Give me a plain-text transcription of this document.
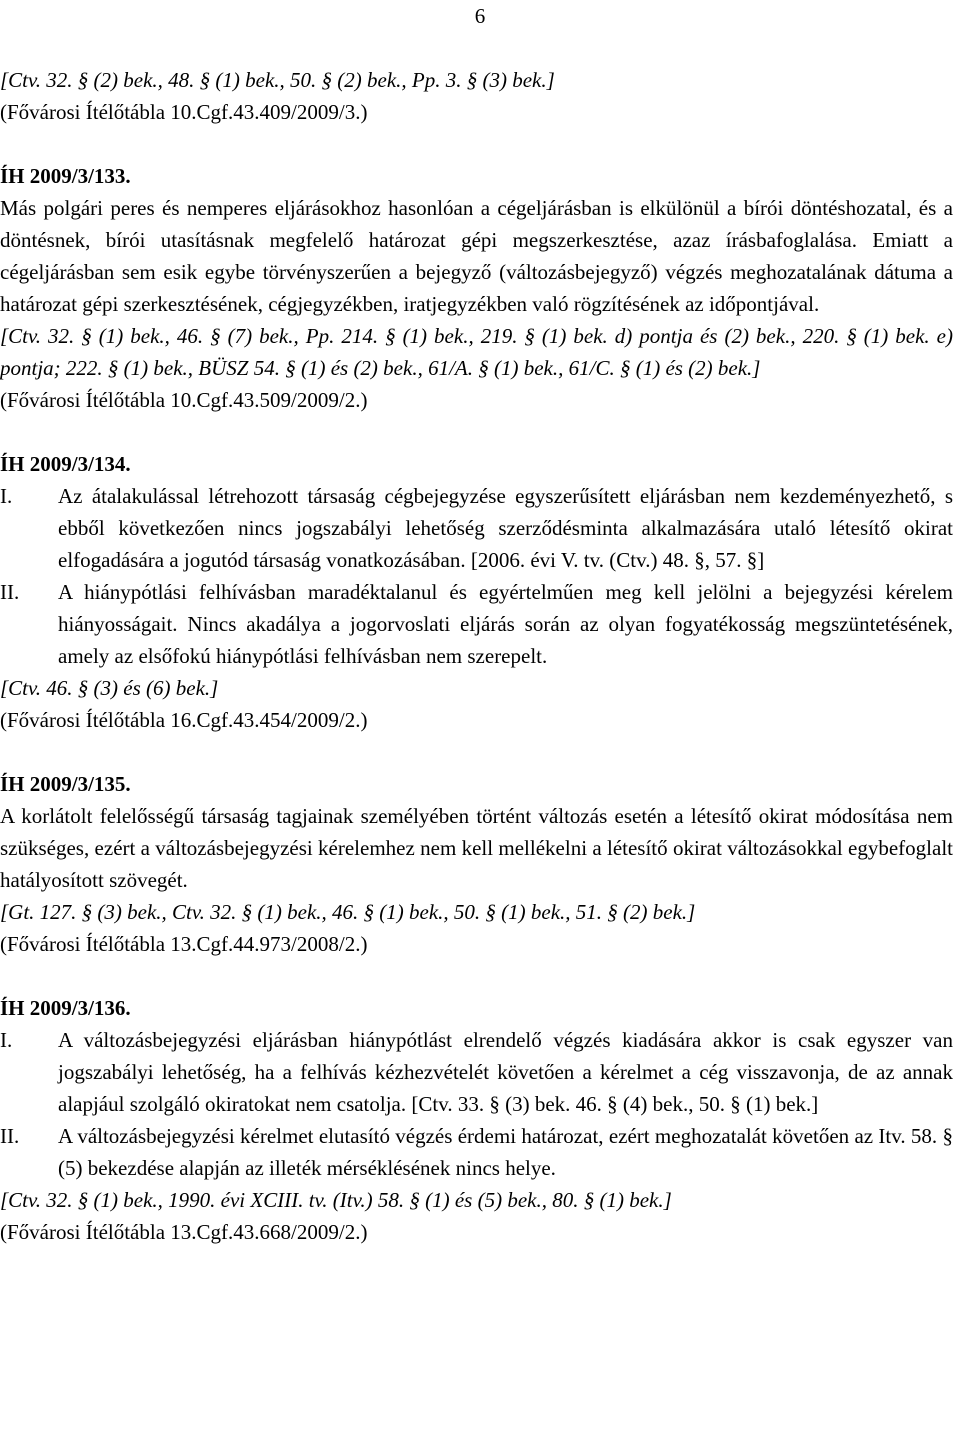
6

[Ctv. 32. § (2) bek., 48. § (1) bek., 50. § (2) bek., Pp. 3. § (3) bek.]

(Fővárosi Ítélőtábla 10.Cgf.43.409/2009/3.)

ÍH 2009/3/133.

Más polgári peres és nemperes eljárásokhoz hasonlóan a cégeljárásban is elkülönül a bírói döntéshozatal, és a döntésnek, bírói utasításnak megfelelő határozat gépi megszerkesztése, azaz írásbafoglalása. Emiatt a cégeljárásban sem esik egybe törvényszerűen a bejegyző (változásbejegyző) végzés meghozatalának dátuma a határozat gépi szerkesztésének, cégjegyzékben, iratjegyzékben való rögzítésének az időpontjával.

[Ctv. 32. § (1) bek., 46. § (7) bek., Pp. 214. § (1) bek., 219. § (1) bek. d) pontja és (2) bek., 220. § (1) bek. e) pontja; 222. § (1) bek., BÜSZ 54. § (1) és (2) bek., 61/A. § (1) bek., 61/C. § (1) és (2) bek.]

(Fővárosi Ítélőtábla 10.Cgf.43.509/2009/2.)

ÍH 2009/3/134.

I.	Az átalakulással létrehozott társaság cégbejegyzése egyszerűsített eljárásban nem kezdeményezhető, s ebből következően nincs jogszabályi lehetőség szerződésminta alkalmazására utaló létesítő okirat elfogadására a jogutód társaság vonatkozásában. [2006. évi V. tv. (Ctv.) 48. §, 57. §]
II.	A hiánypótlási felhívásban maradéktalanul és egyértelműen meg kell jelölni a bejegyzési kérelem hiányosságait. Nincs akadálya a jogorvoslati eljárás során az olyan fogyatékosság megszüntetésének, amely az elsőfokú hiánypótlási felhívásban nem szerepelt.

[Ctv. 46. § (3) és (6) bek.]

(Fővárosi Ítélőtábla 16.Cgf.43.454/2009/2.)

ÍH 2009/3/135.

A korlátolt felelősségű társaság tagjainak személyében történt változás esetén a létesítő okirat módosítása nem szükséges, ezért a változásbejegyzési kérelemhez nem kell mellékelni a létesítő okirat változásokkal egybefoglalt hatályosított szövegét.

[Gt. 127. § (3) bek., Ctv. 32. § (1) bek., 46. § (1) bek., 50. § (1) bek., 51. § (2) bek.]

(Fővárosi Ítélőtábla 13.Cgf.44.973/2008/2.)

ÍH 2009/3/136.

I.	A változásbejegyzési eljárásban hiánypótlást elrendelő végzés kiadására akkor is csak egyszer van jogszabályi lehetőség, ha a felhívás kézhezvételét követően a kérelmet a cég visszavonja, de az annak alapjául szolgáló okiratokat nem csatolja. [Ctv. 33. § (3) bek. 46. § (4) bek., 50. § (1) bek.]
II.	A változásbejegyzési kérelmet elutasító végzés érdemi határozat, ezért meghozatalát követően az Itv. 58. § (5) bekezdése alapján az illeték mérséklésének nincs helye.

[Ctv. 32. § (1) bek., 1990. évi XCIII. tv. (Itv.) 58. § (1) és (5) bek., 80. § (1) bek.]

(Fővárosi Ítélőtábla 13.Cgf.43.668/2009/2.)
